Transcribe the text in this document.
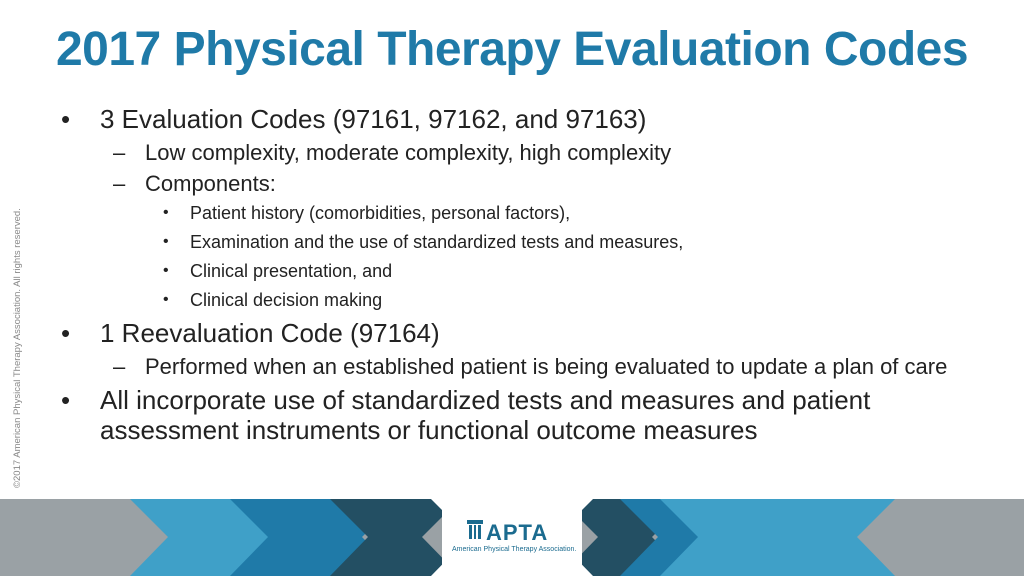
2017 Physical Therapy Evaluation Codes
©2017 American Physical Therapy Association. All rights reserved.
• 3 Evaluation Codes (97161, 97162, and 97163)
– Low complexity, moderate complexity, high complexity
– Components:
• Patient history (comorbidities, personal factors),
• Examination and the use of standardized tests and measures,
• Clinical presentation, and
• Clinical decision making
• 1 Reevaluation Code (97164)
– Performed when an established patient is being evaluated to update a plan of care
• All incorporate use of standardized tests and measures and patient assessment instruments or functional outcome measures
APTA
American Physical Therapy Association.
